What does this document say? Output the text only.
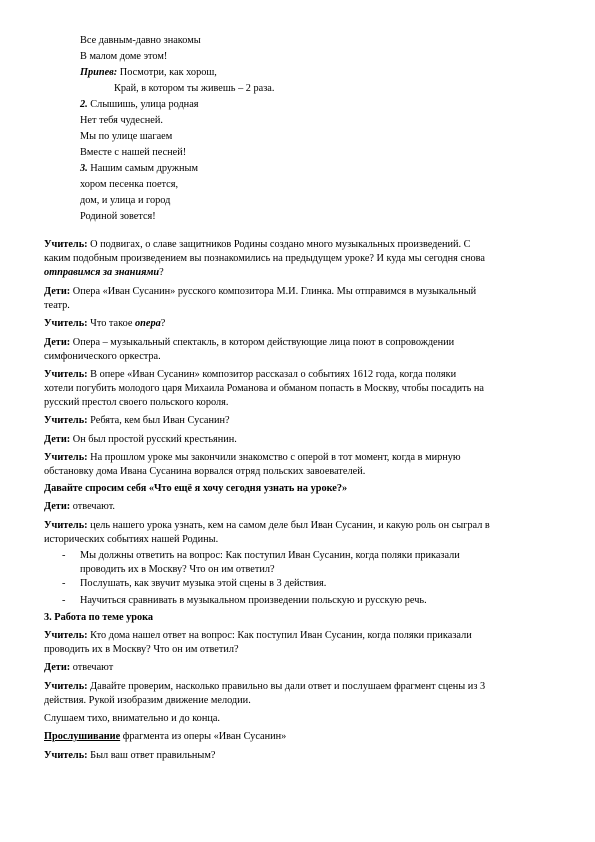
Все давным-давно знакомы
В малом доме этом!
Припев: Посмотри, как хорош,
Край, в котором ты живешь – 2 раза.
2. Слышишь, улица родная
Нет тебя чудесней.
Мы по улице шагаем
Вместе с нашей песней!
3. Нашим самым дружным
хором песенка поется,
дом, и улица и город
Родиной зовется!
Учитель: О подвигах, о славе защитников Родины создано много музыкальных произведений. С
каким подобным произведением вы познакомились на предыдущем уроке? И куда мы сегодня снова
отправимся за знаниями?
Дети: Опера «Иван Сусанин» русского композитора М.И. Глинка. Мы отправимся в музыкальный
театр.
Учитель: Что такое опера?
Дети: Опера – музыкальный спектакль, в котором действующие лица поют в сопровождении
симфонического оркестра.
Учитель: В опере «Иван Сусанин» композитор рассказал о событиях 1612 года, когда поляки
хотели погубить молодого царя Михаила Романова и обманом попасть в Москву, чтобы посадить на
русский престол своего польского короля.
Учитель: Ребята, кем был Иван Сусанин?
Дети: Он был простой русский крестьянин.
Учитель: На прошлом уроке мы закончили знакомство с оперой в тот момент, когда в мирную
обстановку дома Ивана Сусанина ворвался отряд польских завоевателей.
Давайте спросим себя «Что ещё я хочу сегодня узнать на уроке?»
Дети: отвечают.
Учитель: цель нашего урока узнать, кем на самом деле был Иван Сусанин, и какую роль он сыграл в
исторических событиях нашей Родины.
- Мы должны ответить на вопрос: Как поступил Иван Сусанин, когда поляки приказали
проводить их в Москву? Что он им ответил?
- Послушать, как звучит музыка этой сцены в 3 действия.
- Научиться сравнивать в музыкальном произведении польскую и русскую речь.
3. Работа по теме урока
Учитель: Кто дома нашел ответ на вопрос: Как поступил Иван Сусанин, когда поляки приказали
проводить их в Москву? Что он им ответил?
Дети: отвечают
Учитель: Давайте проверим, насколько правильно вы дали ответ и послушаем фрагмент сцены из 3
действия. Рукой изобразим движение мелодии.
Слушаем тихо, внимательно и до конца.
Прослушивание фрагмента из оперы «Иван Сусанин»
Учитель: Был ваш ответ правильным?
